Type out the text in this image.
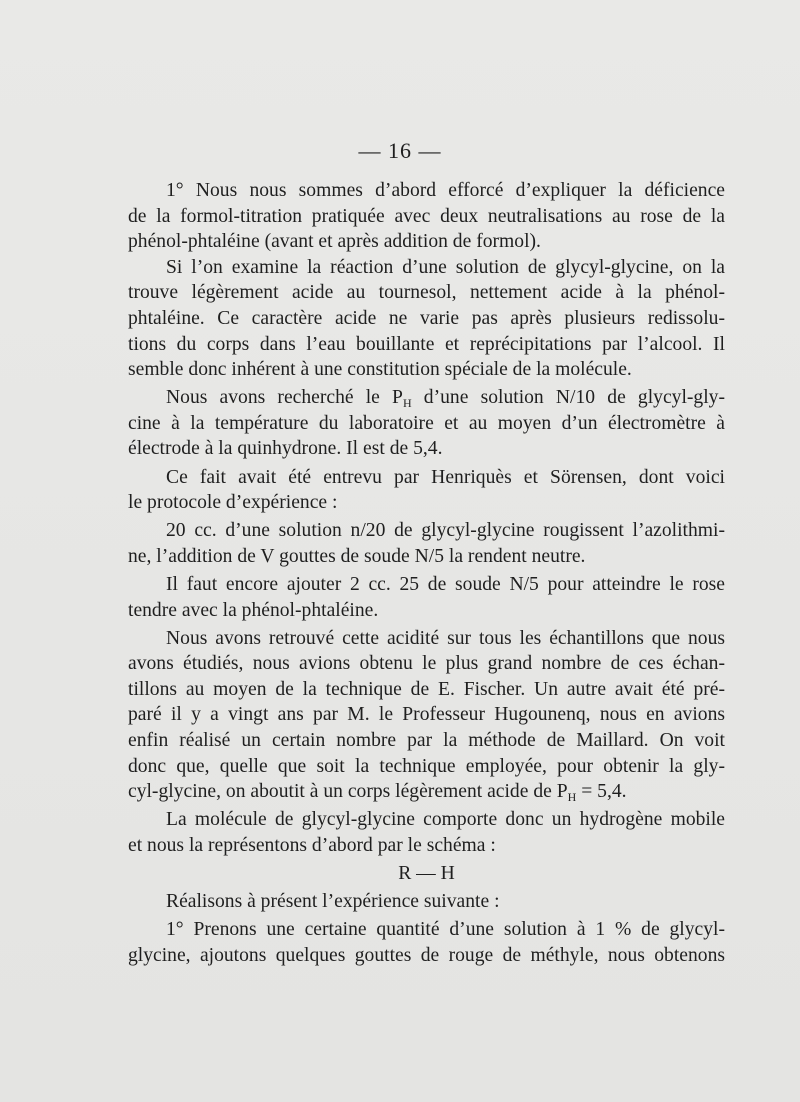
— 16 —
1° Nous nous sommes d’abord efforcé d’expliquer la déficience
de la formol-titration pratiquée avec deux neutralisations au rose de la
phénol-phtaléine (avant et après addition de formol).
Si l’on examine la réaction d’une solution de glycyl-glycine, on la
trouve légèrement acide au tournesol, nettement acide à la phénol-
phtaléine. Ce caractère acide ne varie pas après plusieurs redissolu-
tions du corps dans l’eau bouillante et reprécipitations par l’alcool. Il
semble donc inhérent à une constitution spéciale de la molécule.
Nous avons recherché le $P_H$ d’une solution N/10 de glycyl-gly-
cine à la température du laboratoire et au moyen d’un électromètre à
électrode à la quinhydrone. Il est de 5,4.
Ce fait avait été entrevu par Henriquès et Sörensen, dont voici
le protocole d’expérience :
20 cc. d’une solution n/20 de glycyl-glycine rougissent l’azolithmi-
ne, l’addition de V gouttes de soude N/5 la rendent neutre.
Il faut encore ajouter 2 cc. 25 de soude N/5 pour atteindre le rose
tendre avec la phénol-phtaléine.
Nous avons retrouvé cette acidité sur tous les échantillons que nous
avons étudiés, nous avions obtenu le plus grand nombre de ces échan-
tillons au moyen de la technique de E. Fischer. Un autre avait été pré-
paré il y a vingt ans par M. le Professeur Hugounenq, nous en avions
enfin réalisé un certain nombre par la méthode de Maillard. On voit
donc que, quelle que soit la technique employée, pour obtenir la gly-
cyl-glycine, on aboutit à un corps légèrement acide de $P_H = 5,4$.
La molécule de glycyl-glycine comporte donc un hydrogène mobile
et nous la représentons d’abord par le schéma :
R — H
Réalisons à présent l’expérience suivante :
1° Prenons une certaine quantité d’une solution à 1 % de glycyl-
glycine, ajoutons quelques gouttes de rouge de méthyle, nous obtenons
